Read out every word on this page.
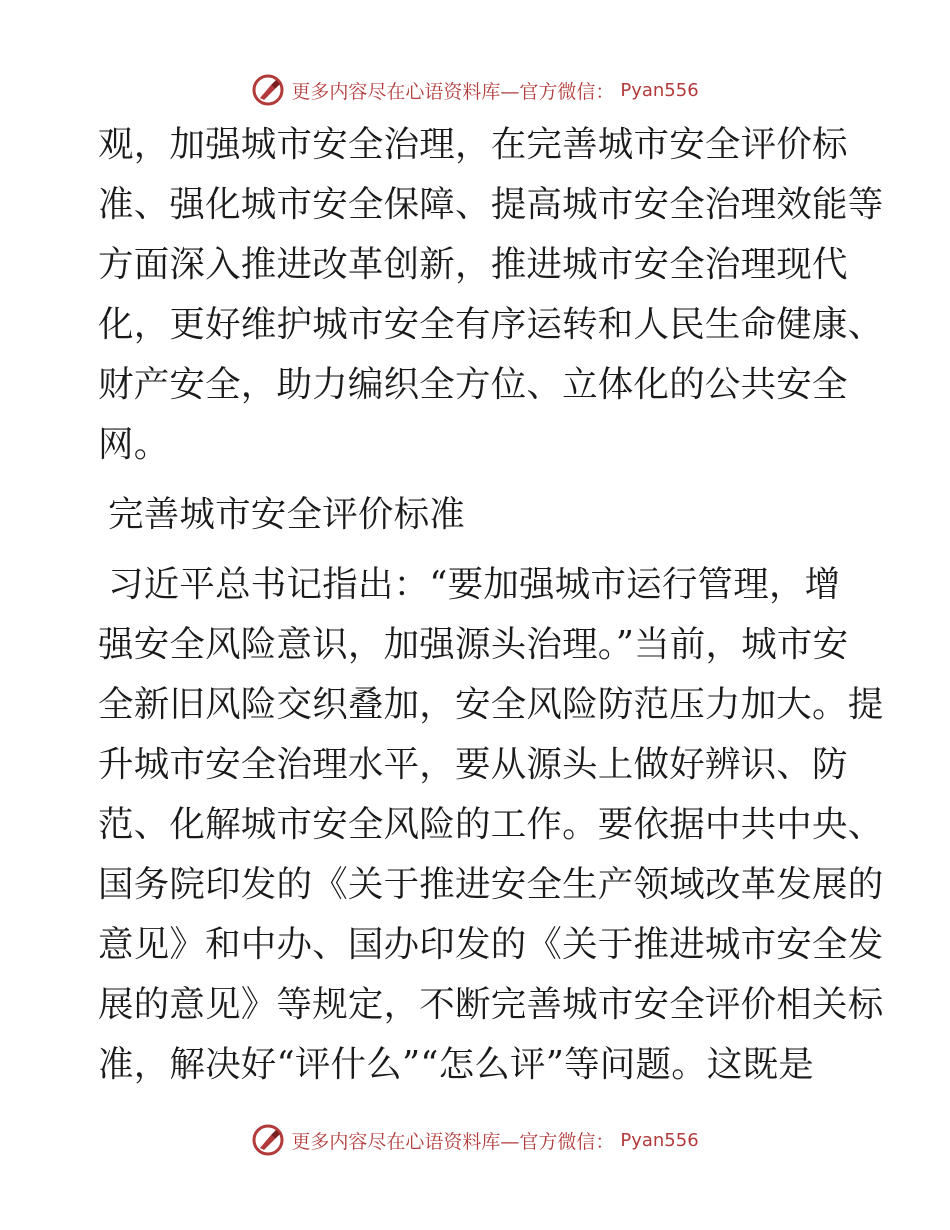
更多内容尽在心语资料库—官方微信： Pyan556

观，加强城市安全治理，在完善城市安全评价标
准、强化城市安全保障、提高城市安全治理效能等
方面深入推进改革创新，推进城市安全治理现代
化，更好维护城市安全有序运转和人民生命健康、
财产安全，助力编织全方位、立体化的公共安全
网。

完善城市安全评价标准

习近平总书记指出：“要加强城市运行管理，增

强安全风险意识，加强源头治理。”当前，城市安
全新旧风险交织叠加，安全风险防范压力加大。提
升城市安全治理水平，要从源头上做好辨识、防
范、化解城市安全风险的工作。要依据中共中央、
国务院印发的《关于推进安全生产领域改革发展的
意见》和中办、国办印发的《关于推进城市安全发
展的意见》等规定，不断完善城市安全评价相关标
准，解决好“评什么”“怎么评”等问题。这既是

更多内容尽在心语资料库—官方微信： Pyan556
